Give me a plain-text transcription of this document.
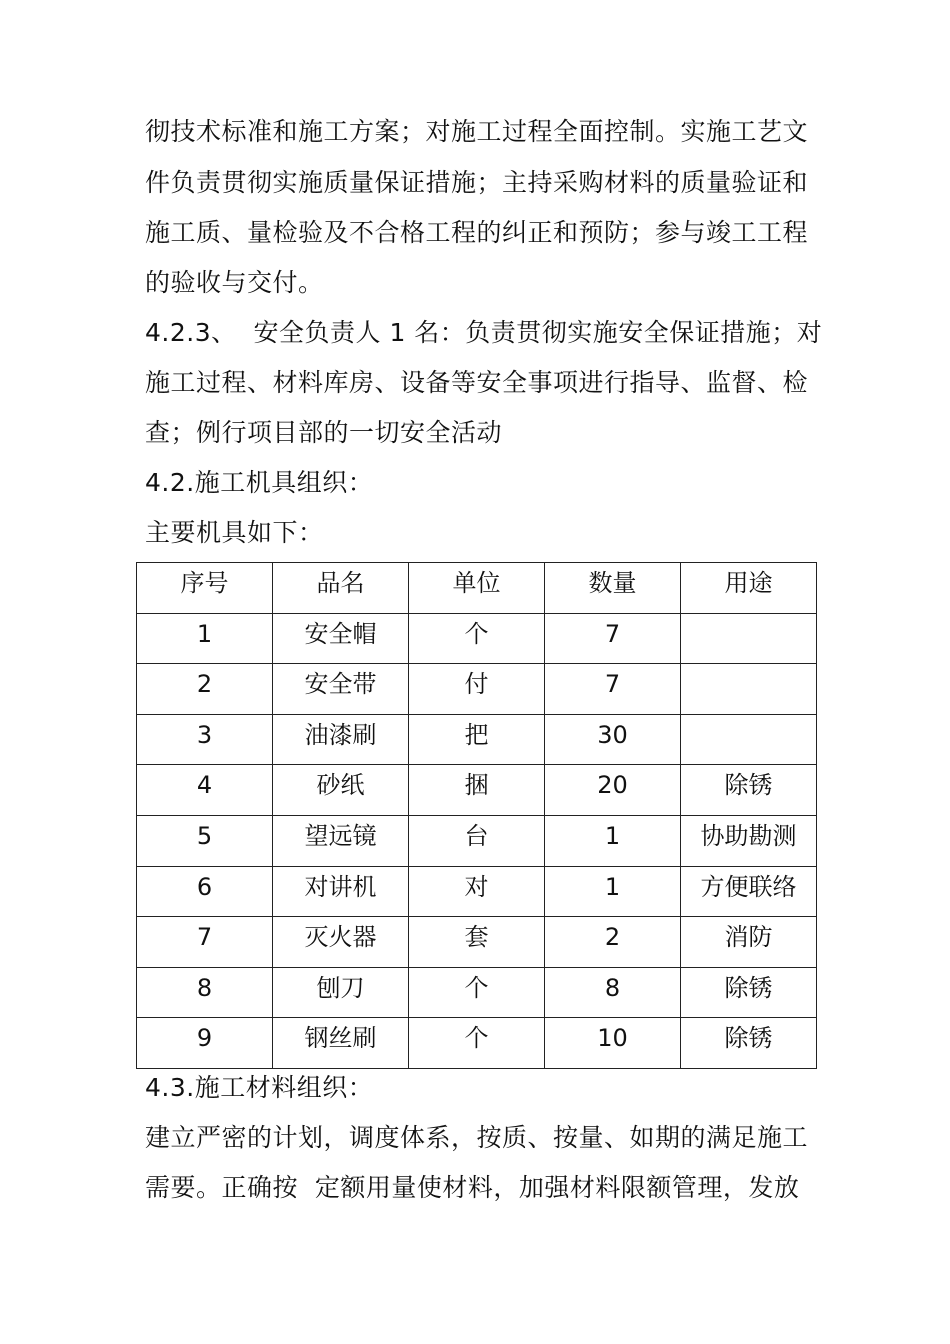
彻技术标准和施工方案；对施工过程全面控制。实施工艺文
件负责贯彻实施质量保证措施；主持采购材料的质量验证和
施工质、量检验及不合格工程的纠正和预防；参与竣工工程
的验收与交付。
4.2.3、  安全负责人 1 名：负责贯彻实施安全保证措施；对
施工过程、材料库房、设备等安全事项进行指导、监督、检
查；例行项目部的一切安全活动
4.2.施工机具组织：
主要机具如下：
序号	品名	单位	数量	用途
1	安全帽	个	7	
2	安全带	付	7	
3	油漆刷	把	30	
4	砂纸	捆	20	除锈
5	望远镜	台	1	协助勘测
6	对讲机	对	1	方便联络
7	灭火器	套	2	消防
8	刨刀	个	8	除锈
9	钢丝刷	个	10	除锈
4.3.施工材料组织：
建立严密的计划，调度体系，按质、按量、如期的满足施工
需要。正确按  定额用量使材料，加强材料限额管理，发放
